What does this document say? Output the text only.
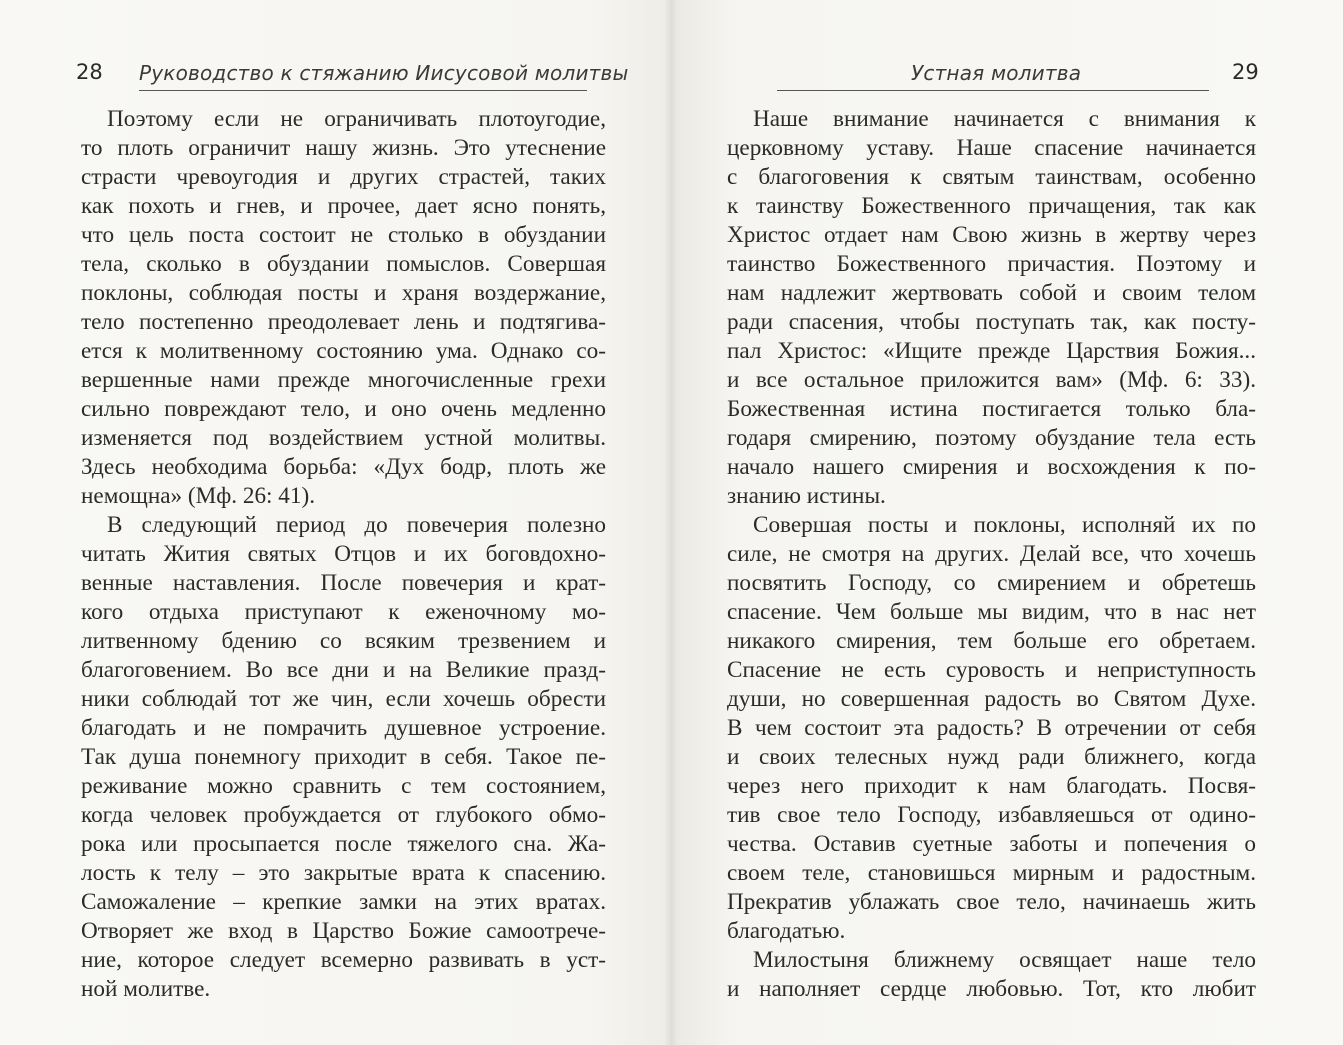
28 Руководство к стяжанию Иисусовой молитвы	Устная молитва	29
Поэтому если не ограничивать плотоугодие,
то плоть ограничит нашу жизнь. Это утеснение
страсти чревоугодия и других страстей, таких
как похоть и гнев, и прочее, дает ясно понять,
что цель поста состоит не столько в обуздании
тела, сколько в обуздании помыслов. Совершая
поклоны, соблюдая посты и храня воздержание,
тело постепенно преодолевает лень и подтягива-
ется к молитвенному состоянию ума. Однако со-
вершенные нами прежде многочисленные грехи
сильно повреждают тело, и оно очень медленно
изменяется под воздействием устной молитвы.
Здесь необходима борьба: «Дух бодр, плоть же
немощна» (Мф. 26: 41).
В следующий период до повечерия полезно
читать Жития святых Отцов и их боговдохно-
венные наставления. После повечерия и крат-
кого отдыха приступают к еженочному мо-
литвенному бдению со всяким трезвением и
благоговением. Во все дни и на Великие празд-
ники соблюдай тот же чин, если хочешь обрести
благодать и не помрачить душевное устроение.
Так душа понемногу приходит в себя. Такое пе-
реживание можно сравнить с тем состоянием,
когда человек пробуждается от глубокого обмо-
рока или просыпается после тяжелого сна. Жа-
лость к телу – это закрытые врата к спасению.
Саможаление – крепкие замки на этих вратах.
Отворяет же вход в Царство Божие самоотрече-
ние, которое следует всемерно развивать в уст-
ной молитве.
Наше внимание начинается с внимания к
церковному уставу. Наше спасение начинается
с благоговения к святым таинствам, особенно
к таинству Божественного причащения, так как
Христос отдает нам Свою жизнь в жертву через
таинство Божественного причастия. Поэтому и
нам надлежит жертвовать собой и своим телом
ради спасения, чтобы поступать так, как посту-
пал Христос: «Ищите прежде Царствия Божия...
и все остальное приложится вам» (Мф. 6: 33).
Божественная истина постигается только бла-
годаря смирению, поэтому обуздание тела есть
начало нашего смирения и восхождения к по-
знанию истины.
Совершая посты и поклоны, исполняй их по
силе, не смотря на других. Делай все, что хочешь
посвятить Господу, со смирением и обретешь
спасение. Чем больше мы видим, что в нас нет
никакого смирения, тем больше его обретаем.
Спасение не есть суровость и неприступность
души, но совершенная радость во Святом Духе.
В чем состоит эта радость? В отречении от себя
и своих телесных нужд ради ближнего, когда
через него приходит к нам благодать. Посвя-
тив свое тело Господу, избавляешься от одино-
чества. Оставив суетные заботы и попечения о
своем теле, становишься мирным и радостным.
Прекратив ублажать свое тело, начинаешь жить
благодатью.
Милостыня ближнему освящает наше тело
и наполняет сердце любовью. Тот, кто любит
